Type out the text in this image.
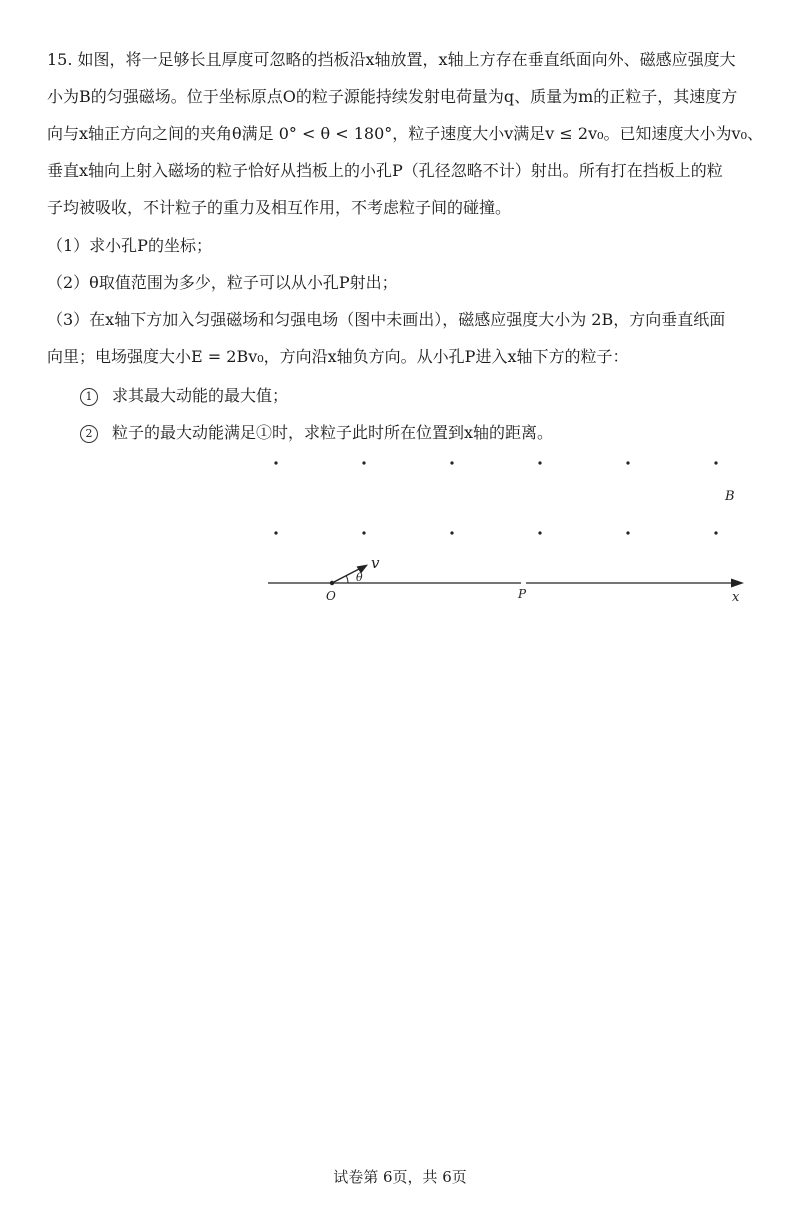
15. 如图，将一足够长且厚度可忽略的挡板沿x轴放置，x轴上方存在垂直纸面向外、磁感应强度大
小为B的匀强磁场。位于坐标原点O的粒子源能持续发射电荷量为q、质量为m的正粒子，其速度方
向与x轴正方向之间的夹角θ满足 0° < θ < 180°，粒子速度大小v满足v ≤ 2v₀。已知速度大小为v₀、
垂直x轴向上射入磁场的粒子恰好从挡板上的小孔P（孔径忽略不计）射出。所有打在挡板上的粒
子均被吸收，不计粒子的重力及相互作用，不考虑粒子间的碰撞。
（1）求小孔P的坐标；
（2）θ取值范围为多少，粒子可以从小孔P射出；
（3）在x轴下方加入匀强磁场和匀强电场（图中未画出），磁感应强度大小为 2B，方向垂直纸面
向里；电场强度大小E = 2Bv₀，方向沿x轴负方向。从小孔P进入x轴下方的粒子：
1 求其最大动能的最大值；
2 粒子的最大动能满足①时，求粒子此时所在位置到x轴的距离。
B
v
θ
O	P	x
试卷第 6页，共 6页
